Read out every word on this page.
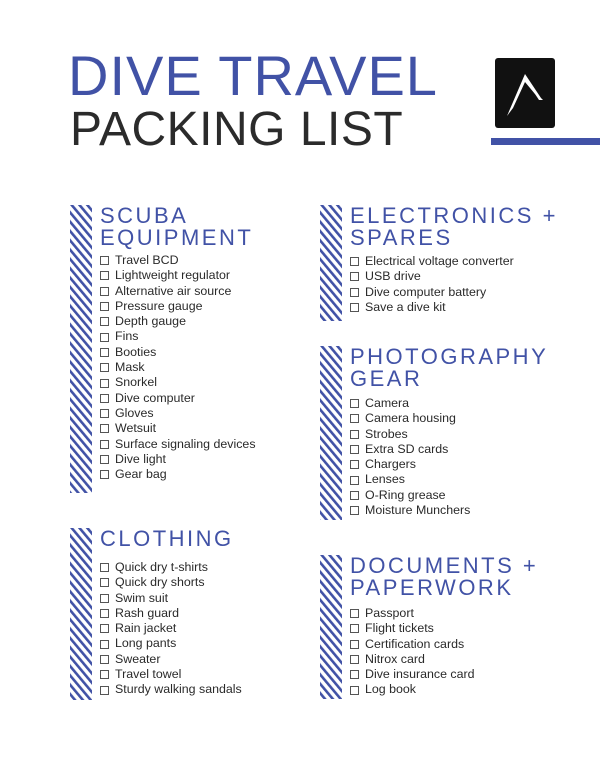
DIVE TRAVEL
PACKING LIST
SCUBA
EQUIPMENT
Travel BCD
Lightweight regulator
Alternative air source
Pressure gauge
Depth gauge
Fins
Booties
Mask
Snorkel
Dive computer
Gloves
Wetsuit
Surface signaling devices
Dive light
Gear bag
CLOTHING
Quick dry t-shirts
Quick dry shorts
Swim suit
Rash guard
Rain jacket
Long pants
Sweater
Travel towel
Sturdy walking sandals
ELECTRONICS +
SPARES
Electrical voltage converter
USB drive
Dive computer battery
Save a dive kit
PHOTOGRAPHY
GEAR
Camera
Camera housing
Strobes
Extra SD cards
Chargers
Lenses
O-Ring grease
Moisture Munchers
DOCUMENTS +
PAPERWORK
Passport
Flight tickets
Certification cards
Nitrox card
Dive insurance card
Log book
